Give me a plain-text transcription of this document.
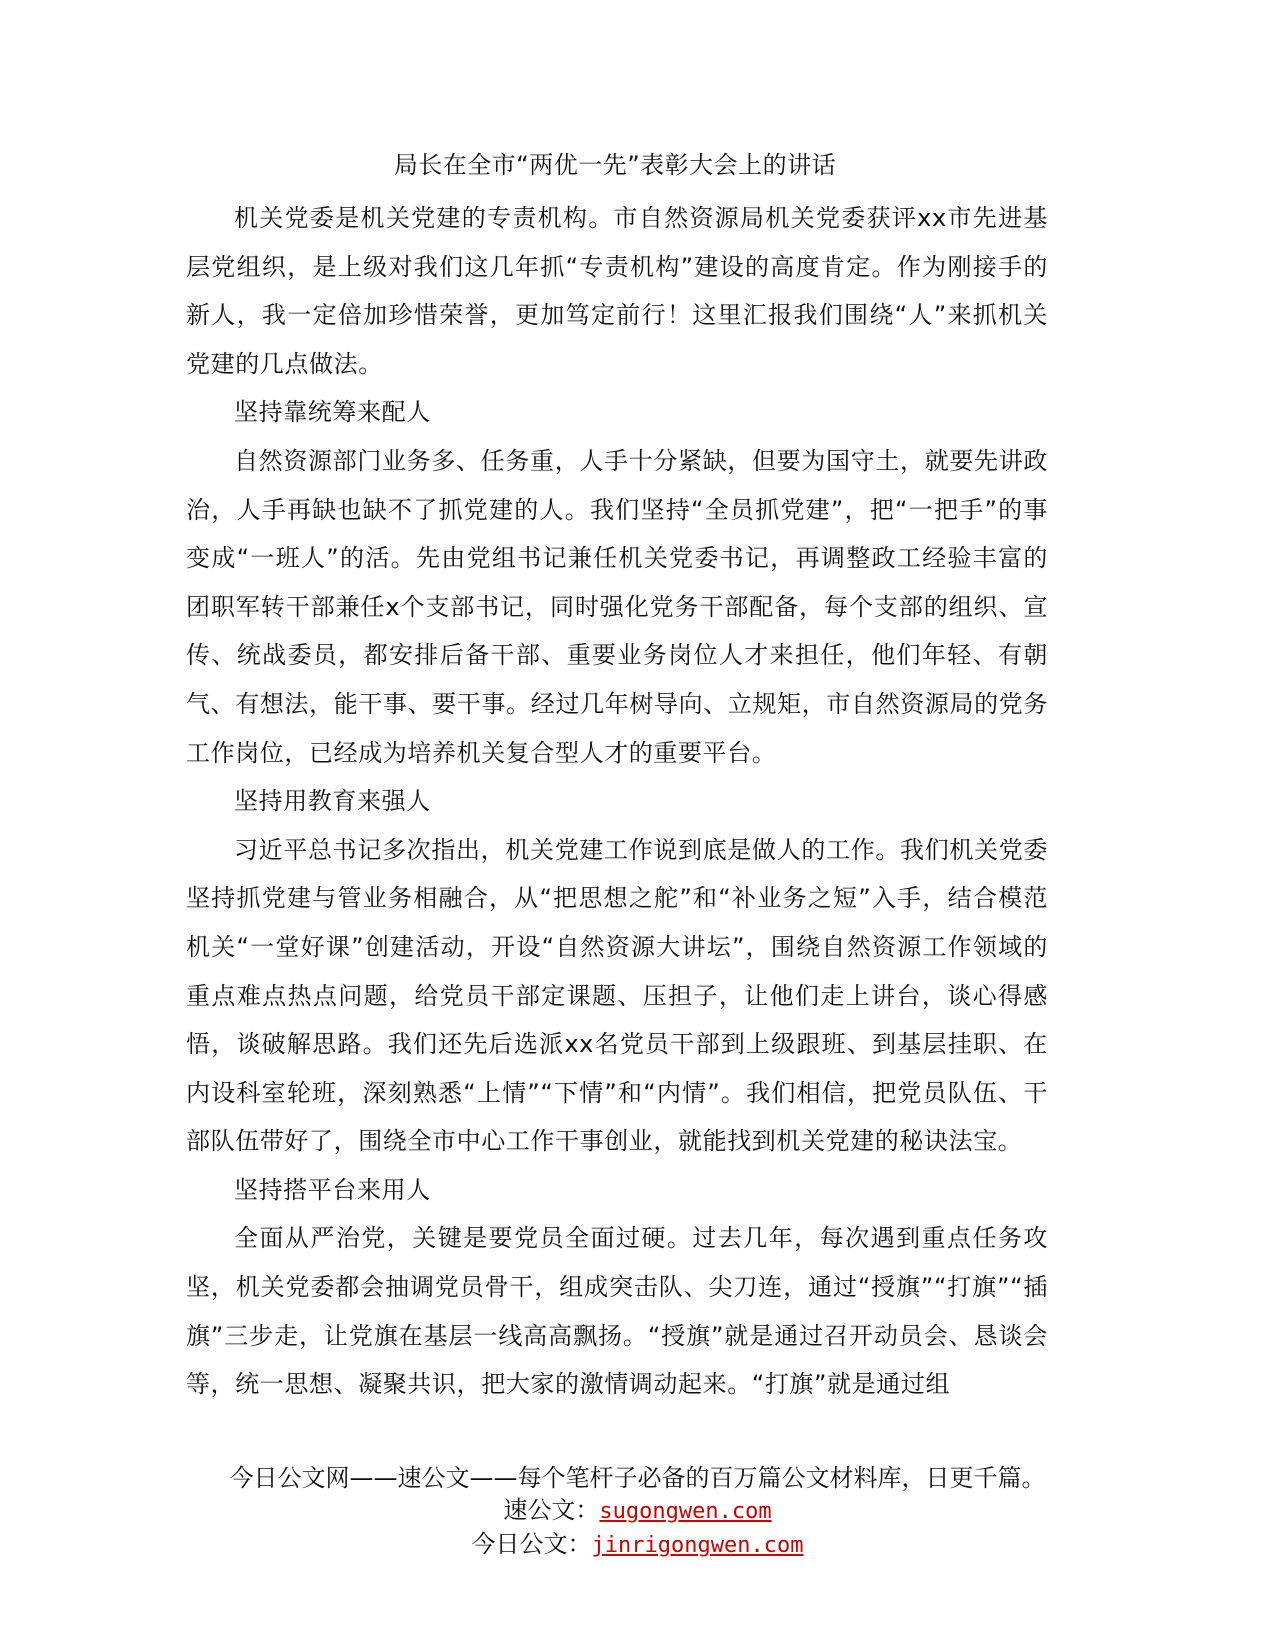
局长在全市“两优一先”表彰大会上的讲话

机关党委是机关党建的专责机构。市自然资源局机关党委获评xx市先进基层党组织，是上级对我们这几年抓“专责机构”建设的高度肯定。作为刚接手的新人，我一定倍加珍惜荣誉，更加笃定前行！这里汇报我们围绕“人”来抓机关党建的几点做法。

坚持靠统筹来配人

自然资源部门业务多、任务重，人手十分紧缺，但要为国守土，就要先讲政治，人手再缺也缺不了抓党建的人。我们坚持“全员抓党建”，把“一把手”的事变成“一班人”的活。先由党组书记兼任机关党委书记，再调整政工经验丰富的团职军转干部兼任x个支部书记，同时强化党务干部配备，每个支部的组织、宣传、统战委员，都安排后备干部、重要业务岗位人才来担任，他们年轻、有朝气、有想法，能干事、要干事。经过几年树导向、立规矩，市自然资源局的党务工作岗位，已经成为培养机关复合型人才的重要平台。

坚持用教育来强人

习近平总书记多次指出，机关党建工作说到底是做人的工作。我们机关党委坚持抓党建与管业务相融合，从“把思想之舵”和“补业务之短”入手，结合模范机关“一堂好课”创建活动，开设“自然资源大讲坛”，围绕自然资源工作领域的重点难点热点问题，给党员干部定课题、压担子，让他们走上讲台，谈心得感悟，谈破解思路。我们还先后选派xx名党员干部到上级跟班、到基层挂职、在内设科室轮班，深刻熟悉“上情”“下情”和“内情”。我们相信，把党员队伍、干部队伍带好了，围绕全市中心工作干事创业，就能找到机关党建的秘诀法宝。

坚持搭平台来用人

全面从严治党，关键是要党员全面过硬。过去几年，每次遇到重点任务攻坚，机关党委都会抽调党员骨干，组成突击队、尖刀连，通过“授旗”“打旗”“插旗”三步走，让党旗在基层一线高高飘扬。“授旗”就是通过召开动员会、恳谈会等，统一思想、凝聚共识，把大家的激情调动起来。“打旗”就是通过组

今日公文网——速公文——每个笔杆子必备的百万篇公文材料库，日更千篇。
速公文：sugongwen.com
今日公文：jinrigongwen.com
